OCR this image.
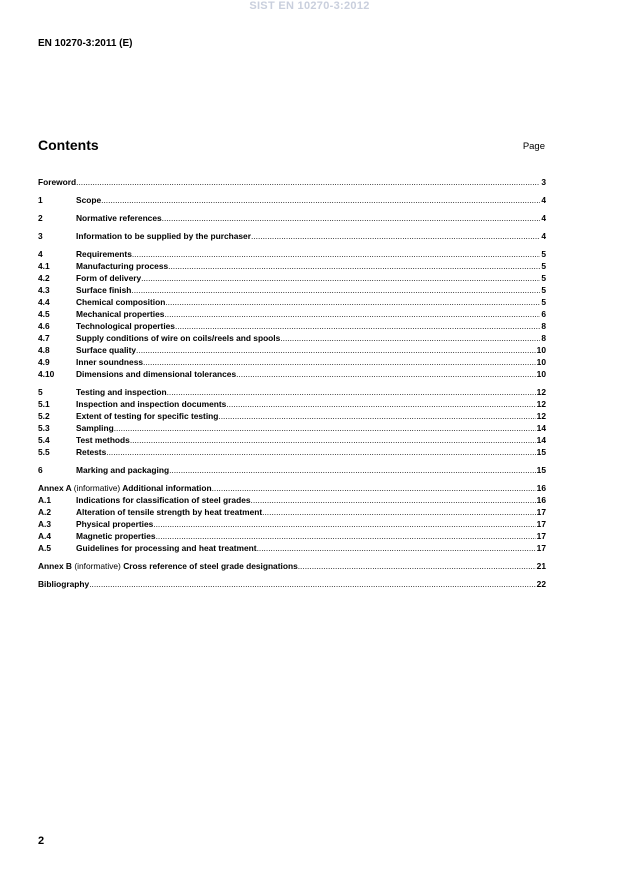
SIST EN 10270-3:2012
EN 10270-3:2011 (E)
Contents	Page
Foreword .....	3
1	Scope .....	4
2	Normative references .....	4
3	Information to be supplied by the purchaser .....	4
4	Requirements .....	5
4.1	Manufacturing process .....	5
4.2	Form of delivery .....	5
4.3	Surface finish .....	5
4.4	Chemical composition .....	5
4.5	Mechanical properties .....	6
4.6	Technological properties .....	8
4.7	Supply conditions of wire on coils/reels and spools .....	8
4.8	Surface quality .....	10
4.9	Inner soundness .....	10
4.10	Dimensions and dimensional tolerances .....	10
5	Testing and inspection .....	12
5.1	Inspection and inspection documents .....	12
5.2	Extent of testing for specific testing .....	12
5.3	Sampling .....	14
5.4	Test methods .....	14
5.5	Retests .....	15
6	Marking and packaging .....	15
Annex A (informative) Additional information .....	16
A.1	Indications for classification of steel grades .....	16
A.2	Alteration of tensile strength by heat treatment .....	17
A.3	Physical properties .....	17
A.4	Magnetic properties .....	17
A.5	Guidelines for processing and heat treatment .....	17
Annex B (informative) Cross reference of steel grade designations .....	21
Bibliography .....	22
2
